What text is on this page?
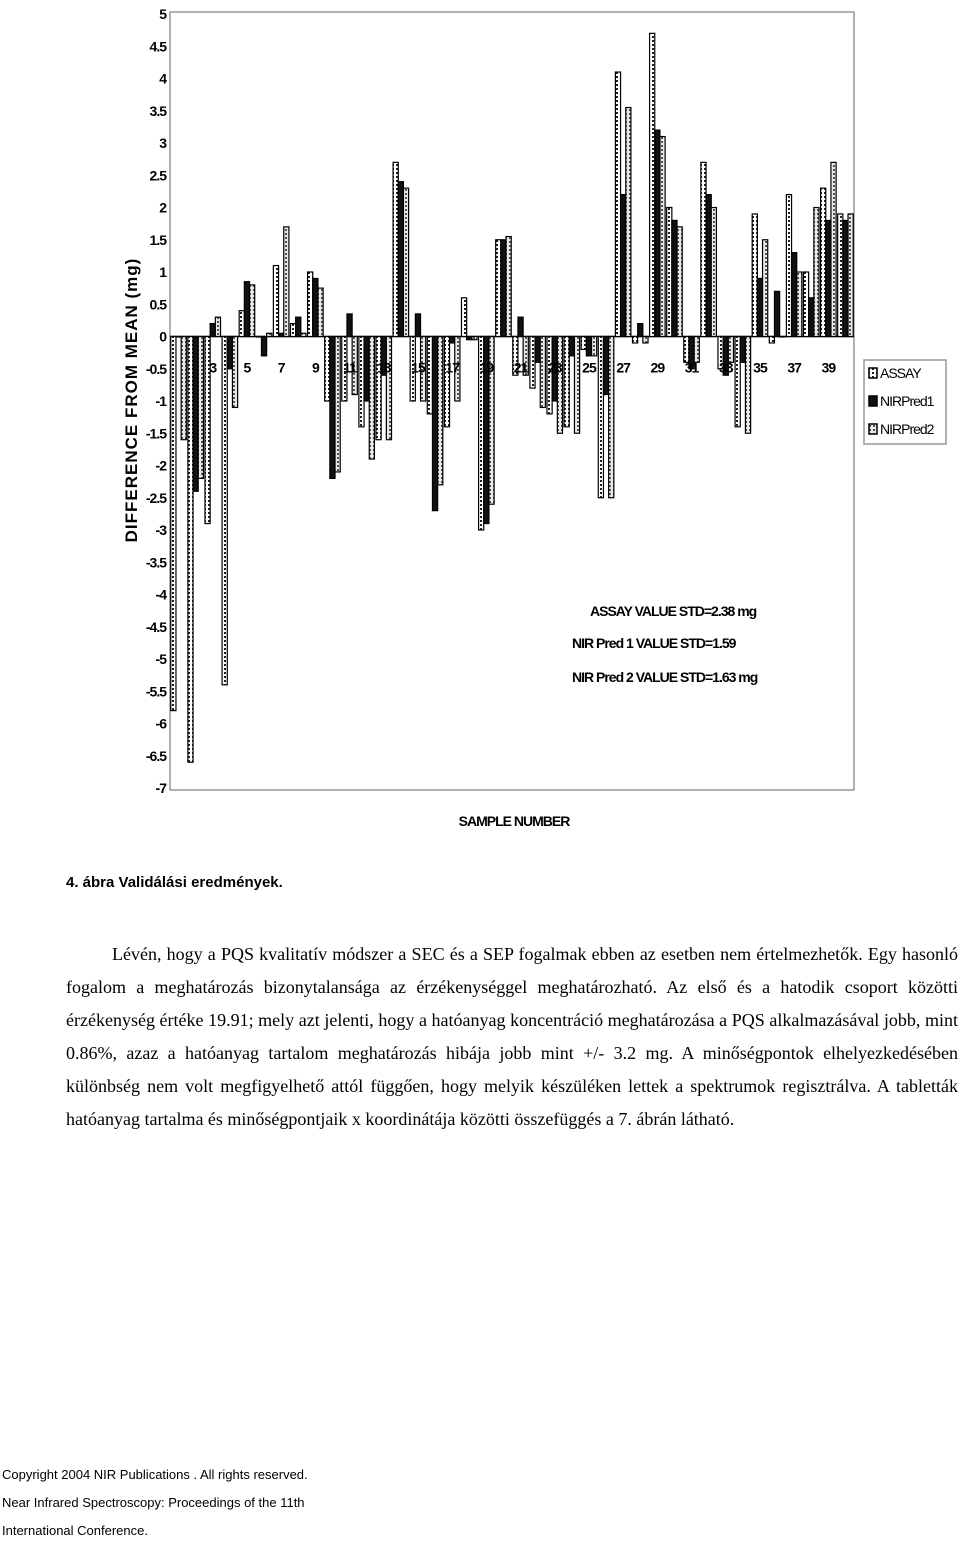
5
4.5
4
3.5
3
2.5
2
1.5
1
0.5
0
-0.5
-1
-1.5
-2
-2.5
-3
-3.5
-4
-4.5
-5
-5.5
-6
-6.5
-7
3 5 7 9 11 13 15 17 19 21 23 25 27 29 31 33 35 37 39
DIFFERENCE FROM MEAN (mg)
SAMPLE NUMBER
ASSAY VALUE STD=2.38 mg
NIR Pred 1 VALUE STD=1.59
NIR Pred 2 VALUE STD=1.63 mg
ASSAY
NIRPred1
NIRPred2
4. ábra Validálási eredmények.

Lévén, hogy a PQS kvalitatív módszer a SEC és a SEP fogalmak ebben az esetben nem értelmezhetők. Egy hasonló fogalom a meghatározás bizonytalansága az érzékenységgel meghatározható. Az első és a hatodik csoport közötti érzékenység értéke 19.91; mely azt jelenti, hogy a hatóanyag koncentráció meghatározása a PQS alkalmazásával jobb, mint 0.86%, azaz a hatóanyag tartalom meghatározás hibája jobb mint +/- 3.2 mg. A minőségpontok elhelyezkedésében különbség nem volt megfigyelhető attól függően, hogy melyik készüléken lettek a spektrumok regisztrálva. A tabletták hatóanyag tartalma és minőségpontjaik x koordinátája közötti összefüggés a 7. ábrán látható.

Copyright 2004 NIR Publications . All rights reserved.
Near Infrared Spectroscopy: Proceedings of the 11th
International Conference.
